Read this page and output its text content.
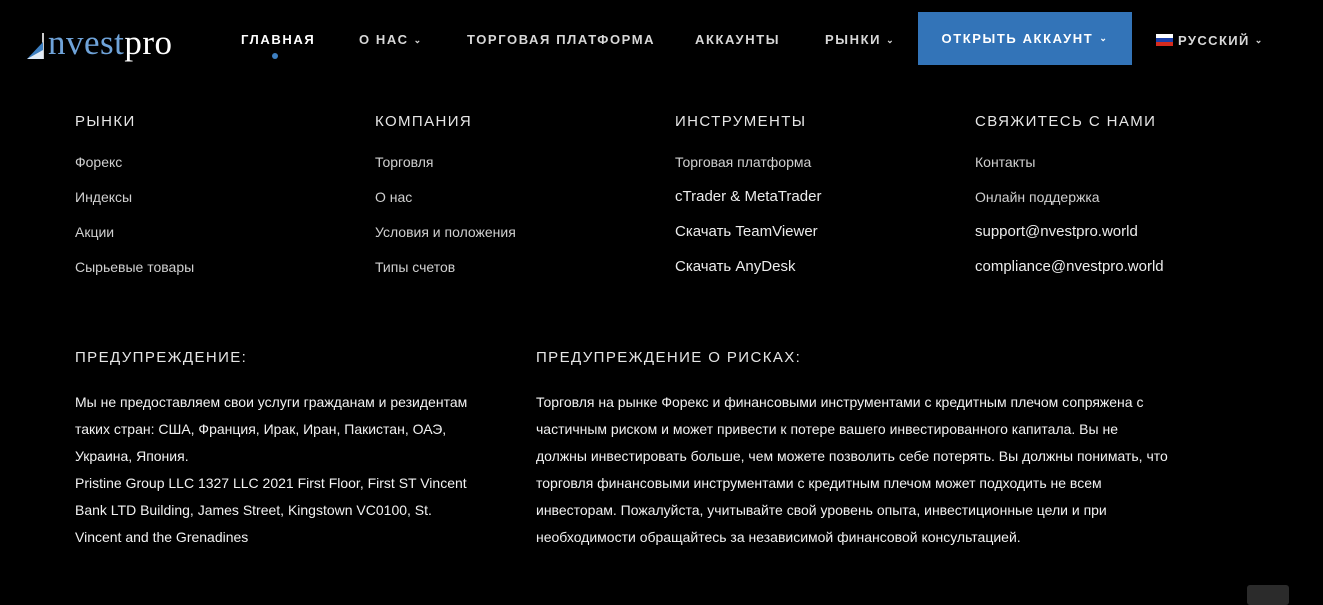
nvestpro	ГЛАВНАЯ	О НАС ⌄	ТОРГОВАЯ ПЛАТФОРМА	АККАУНТЫ	РЫНКИ ⌄	ОТКРЫТЬ АККАУНТ ⌄	РУССКИЙ ⌄
РЫНКИ
Форекс
Индексы
Акции
Сырьевые товары
КОМПАНИЯ
Торговля
О нас
Условия и положения
Типы счетов
ИНСТРУМЕНТЫ
Торговая платформа
cTrader & MetaTrader
Скачать TeamViewer
Скачать AnyDesk
СВЯЖИТЕСЬ С НАМИ
Контакты
Онлайн поддержка
support@nvestpro.world
compliance@nvestpro.world
ПРЕДУПРЕЖДЕНИЕ:
Мы не предоставляем свои услуги гражданам и резидентам
таких стран: США, Франция, Ирак, Иран, Пакистан, ОАЭ,
Украина, Япония.
Pristine Group LLC 1327 LLC 2021 First Floor, First ST Vincent
Bank LTD Building, James Street, Kingstown VC0100, St.
Vincent and the Grenadines
ПРЕДУПРЕЖДЕНИЕ О РИСКАХ:
Торговля на рынке Форекс и финансовыми инструментами с кредитным плечом сопряжена с
частичным риском и может привести к потере вашего инвестированного капитала. Вы не
должны инвестировать больше, чем можете позволить себе потерять. Вы должны понимать, что
торговля финансовыми инструментами с кредитным плечом может подходить не всем
инвесторам. Пожалуйста, учитывайте свой уровень опыта, инвестиционные цели и при
необходимости обращайтесь за независимой финансовой консультацией.
